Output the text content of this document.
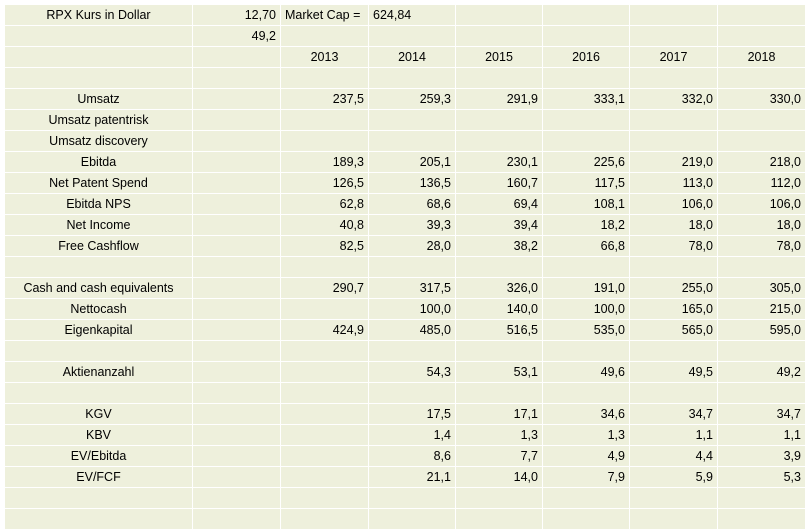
RPX Kurs in Dollar	12,70	Market Cap =	624,84				
	49,2						
		2013	2014	2015	2016	2017	2018

Umsatz		237,5	259,3	291,9	333,1	332,0	330,0
Umsatz patentrisk							
Umsatz discovery							
Ebitda		189,3	205,1	230,1	225,6	219,0	218,0
Net Patent Spend		126,5	136,5	160,7	117,5	113,0	112,0
Ebitda NPS		62,8	68,6	69,4	108,1	106,0	106,0
Net Income		40,8	39,3	39,4	18,2	18,0	18,0
Free Cashflow		82,5	28,0	38,2	66,8	78,0	78,0

Cash and cash equivalents		290,7	317,5	326,0	191,0	255,0	305,0
Nettocash			100,0	140,0	100,0	165,0	215,0
Eigenkapital		424,9	485,0	516,5	535,0	565,0	595,0

Aktienanzahl			54,3	53,1	49,6	49,5	49,2

KGV			17,5	17,1	34,6	34,7	34,7
KBV			1,4	1,3	1,3	1,1	1,1
EV/Ebitda			8,6	7,7	4,9	4,4	3,9
EV/FCF			21,1	14,0	7,9	5,9	5,3
